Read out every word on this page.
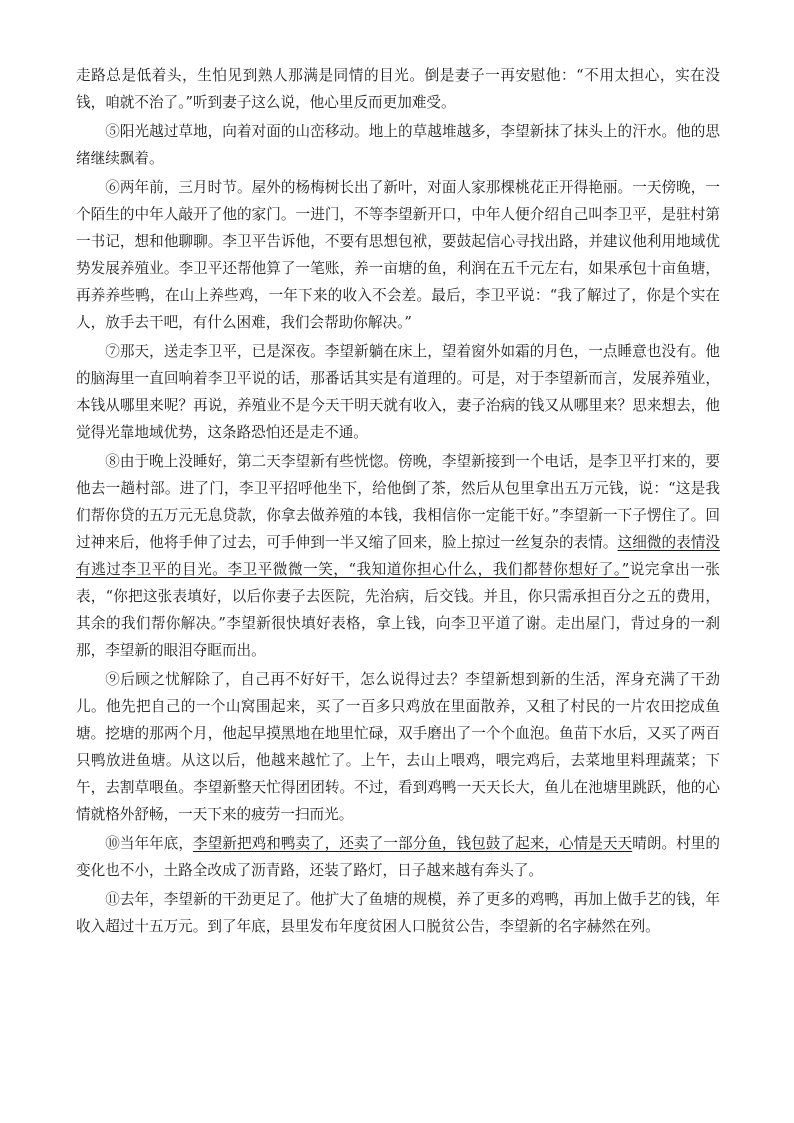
走路总是低着头，生怕见到熟人那满是同情的目光。倒是妻子一再安慰他：“不用太担心，实在没钱，咱就不治了。”听到妻子这么说，他心里反而更加难受。

⑤阳光越过草地，向着对面的山峦移动。地上的草越堆越多，李望新抹了抹头上的汗水。他的思绪继续飘着。

⑥两年前，三月时节。屋外的杨梅树长出了新叶，对面人家那棵桃花正开得艳丽。一天傍晚，一个陌生的中年人敲开了他的家门。一进门，不等李望新开口，中年人便介绍自己叫李卫平，是驻村第一书记，想和他聊聊。李卫平告诉他，不要有思想包袱，要鼓起信心寻找出路，并建议他利用地域优势发展养殖业。李卫平还帮他算了一笔账，养一亩塘的鱼，利润在五千元左右，如果承包十亩鱼塘，再养养些鸭，在山上养些鸡，一年下来的收入不会差。最后，李卫平说：“我了解过了，你是个实在人，放手去干吧，有什么困难，我们会帮助你解决。”

⑦那天，送走李卫平，已是深夜。李望新躺在床上，望着窗外如霜的月色，一点睡意也没有。他的脑海里一直回响着李卫平说的话，那番话其实是有道理的。可是，对于李望新而言，发展养殖业，本钱从哪里来呢？再说，养殖业不是今天干明天就有收入，妻子治病的钱又从哪里来？思来想去，他觉得光靠地域优势，这条路恐怕还是走不通。

⑧由于晚上没睡好，第二天李望新有些恍惚。傍晚，李望新接到一个电话，是李卫平打来的，要他去一趟村部。进了门，李卫平招呼他坐下，给他倒了茶，然后从包里拿出五万元钱，说：“这是我们帮你贷的五万元无息贷款，你拿去做养殖的本钱，我相信你一定能干好。”李望新一下子愣住了。回过神来后，他将手伸了过去，可手伸到一半又缩了回来，脸上掠过一丝复杂的表情。这细微的表情没有逃过李卫平的目光。李卫平微微一笑，“我知道你担心什么，我们都替你想好了。”说完拿出一张表，“你把这张表填好，以后你妻子去医院，先治病，后交钱。并且，你只需承担百分之五的费用，其余的我们帮你解决。”李望新很快填好表格，拿上钱，向李卫平道了谢。走出屋门，背过身的一刹那，李望新的眼泪夺眶而出。

⑨后顾之忧解除了，自己再不好好干，怎么说得过去？李望新想到新的生活，浑身充满了干劲儿。他先把自己的一个山窝围起来，买了一百多只鸡放在里面散养，又租了村民的一片农田挖成鱼塘。挖塘的那两个月，他起早摸黑地在地里忙碌，双手磨出了一个个血泡。鱼苗下水后，又买了两百只鸭放进鱼塘。从这以后，他越来越忙了。上午，去山上喂鸡，喂完鸡后，去菜地里料理蔬菜；下午，去割草喂鱼。李望新整天忙得团团转。不过，看到鸡鸭一天天长大，鱼儿在池塘里跳跃，他的心情就格外舒畅，一天下来的疲劳一扫而光。

⑩当年年底，李望新把鸡和鸭卖了，还卖了一部分鱼，钱包鼓了起来，心情是天天晴朗。村里的变化也不小，土路全改成了沥青路，还装了路灯，日子越来越有奔头了。

⑪去年，李望新的干劲更足了。他扩大了鱼塘的规模，养了更多的鸡鸭，再加上做手艺的钱，年收入超过十五万元。到了年底，县里发布年度贫困人口脱贫公告，李望新的名字赫然在列。
